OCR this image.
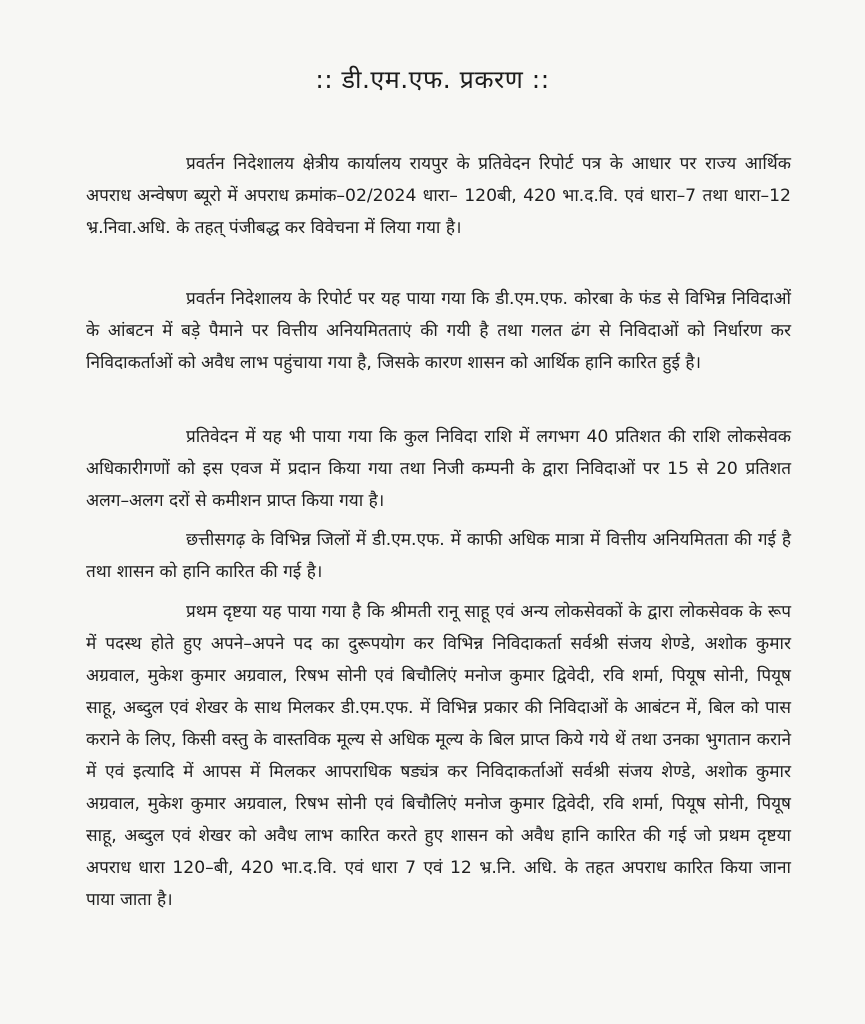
:: डी.एम.एफ. प्रकरण ::

प्रवर्तन निदेशालय क्षेत्रीय कार्यालय रायपुर के प्रतिवेदन रिपोर्ट पत्र के आधार पर राज्य आर्थिक अपराध अन्वेषण ब्यूरो में अपराध क्रमांक–02/2024 धारा– 120बी, 420 भा.द.वि. एवं धारा–7 तथा धारा–12 भ्र.निवा.अधि. के तहत् पंजीबद्ध कर विवेचना में लिया गया है।

प्रवर्तन निदेशालय के रिपोर्ट पर यह पाया गया कि डी.एम.एफ. कोरबा के फंड से विभिन्न निविदाओं के आंबटन में बड़े पैमाने पर वित्तीय अनियमितताएं की गयी है तथा गलत ढंग से निविदाओं को निर्धारण कर निविदाकर्ताओं को अवैध लाभ पहुंचाया गया है, जिसके कारण शासन को आर्थिक हानि कारित हुई है।

प्रतिवेदन में यह भी पाया गया कि कुल निविदा राशि में लगभग 40 प्रतिशत की राशि लोकसेवक अधिकारीगणों को इस एवज में प्रदान किया गया तथा निजी कम्पनी के द्वारा निविदाओं पर 15 से 20 प्रतिशत अलग–अलग दरों से कमीशन प्राप्त किया गया है।

छत्तीसगढ़ के विभिन्न जिलों में डी.एम.एफ. में काफी अधिक मात्रा में वित्तीय अनियमितता की गई है तथा शासन को हानि कारित की गई है।

प्रथम दृष्टया यह पाया गया है कि श्रीमती रानू साहू एवं अन्य लोकसेवकों के द्वारा लोकसेवक के रूप में पदस्थ होते हुए अपने–अपने पद का दुरूपयोग कर विभिन्न निविदाकर्ता सर्वश्री संजय शेण्डे, अशोक कुमार अग्रवाल, मुकेश कुमार अग्रवाल, रिषभ सोनी एवं बिचौलिएं मनोज कुमार द्विवेदी, रवि शर्मा, पियूष सोनी, पियूष साहू, अब्दुल एवं शेखर के साथ मिलकर डी.एम.एफ. में विभिन्न प्रकार की निविदाओं के आबंटन में, बिल को पास कराने के लिए, किसी वस्तु के वास्तविक मूल्य से अधिक मूल्य के बिल प्राप्त किये गये थें तथा उनका भुगतान कराने में एवं इत्यादि में आपस में मिलकर आपराधिक षड्यंत्र कर निविदाकर्ताओं सर्वश्री संजय शेण्डे, अशोक कुमार अग्रवाल, मुकेश कुमार अग्रवाल, रिषभ सोनी एवं बिचौलिएं मनोज कुमार द्विवेदी, रवि शर्मा, पियूष सोनी, पियूष साहू, अब्दुल एवं शेखर को अवैध लाभ कारित करते हुए शासन को अवैध हानि कारित की गई जो प्रथम दृष्टया अपराध धारा 120–बी, 420 भा.द.वि. एवं धारा 7 एवं 12 भ्र.नि. अधि. के तहत अपराध कारित किया जाना पाया जाता है।
